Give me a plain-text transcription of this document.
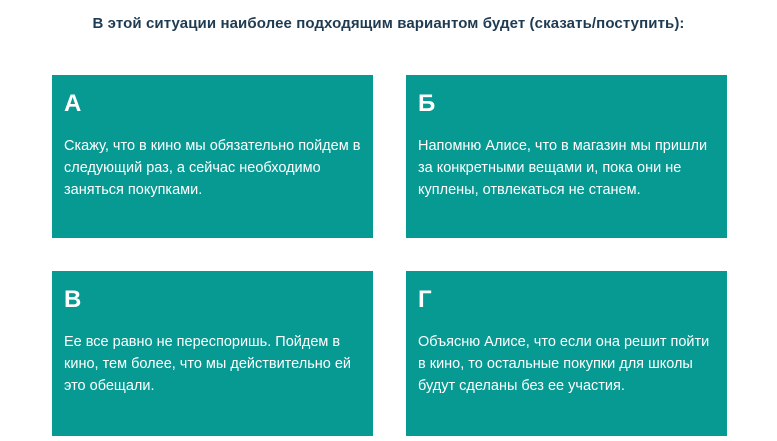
В этой ситуации наиболее подходящим вариантом будет (сказать/поступить):
А
Скажу, что в кино мы обязательно пойдем в следующий раз, а сейчас необходимо заняться покупками.
Б
Напомню Алисе, что в магазин мы пришли за конкретными вещами и, пока они не куплены, отвлекаться не станем.
В
Ее все равно не переспоришь. Пойдем в кино, тем более, что мы действительно ей это обещали.
Г
Объясню Алисе, что если она решит пойти в кино, то остальные покупки для школы будут сделаны без ее участия.
